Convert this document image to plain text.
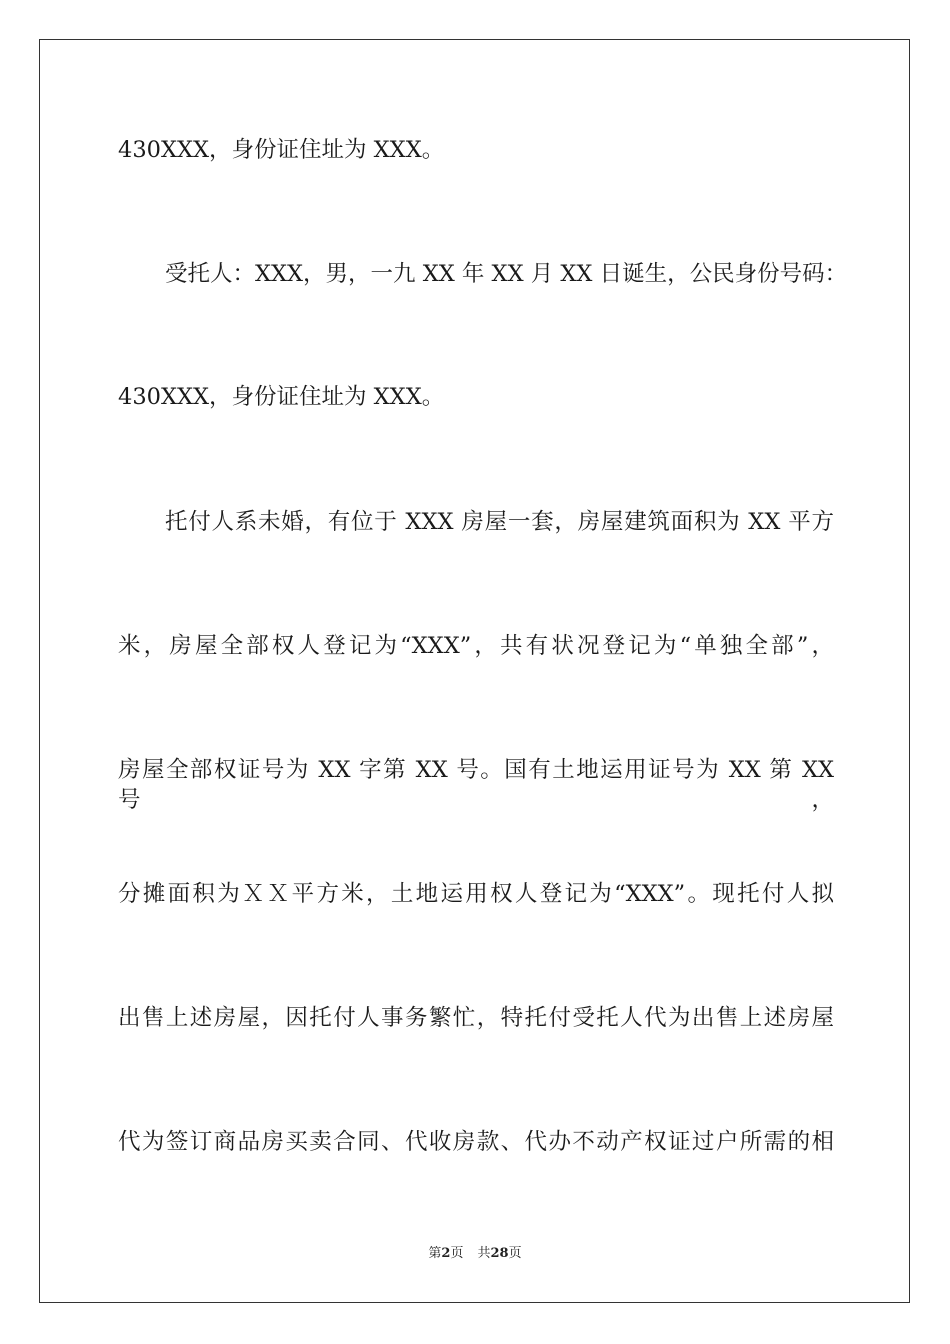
430XXX，身份证住址为 XXX。
受托人：XXX，男，一九 XX 年 XX 月 XX 日诞生，公民身份号码：
430XXX，身份证住址为 XXX。
托付人系未婚，有位于 XXX 房屋一套，房屋建筑面积为 XX 平方
米，房屋全部权人登记为“XXX”，共有状况登记为“单独全部”，
房屋全部权证号为 XX 字第 XX 号。国有土地运用证号为 XX 第 XX 号，
分摊面积为ＸＸ平方米，土地运用权人登记为“XXX”。现托付人拟
出售上述房屋，因托付人事务繁忙，特托付受托人代为出售上述房屋
代为签订商品房买卖合同、代收房款、代办不动产权证过户所需的相
第2页 共28页
